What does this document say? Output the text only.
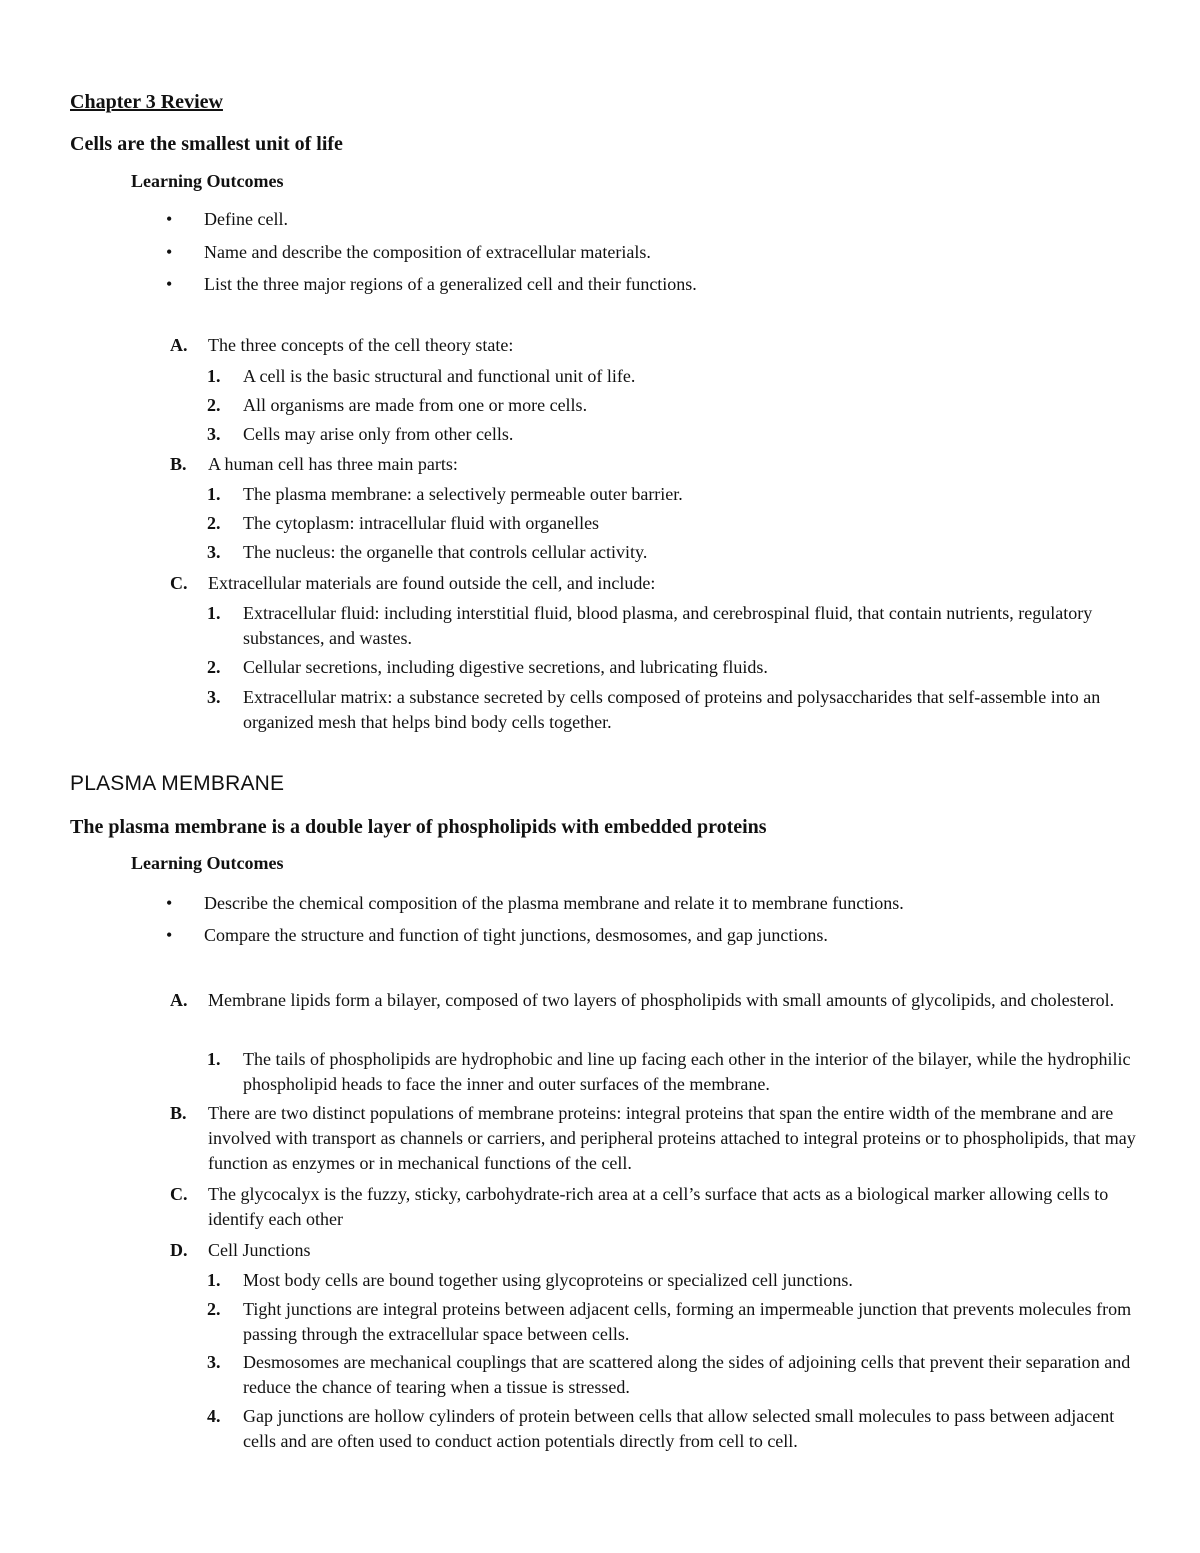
Chapter 3 Review
Cells are the smallest unit of life
Learning Outcomes
•	Define cell.
•	Name and describe the composition of extracellular materials.
•	List the three major regions of a generalized cell and their functions.
A. The three concepts of the cell theory state:
1. A cell is the basic structural and functional unit of life.
2. All organisms are made from one or more cells.
3. Cells may arise only from other cells.
B. A human cell has three main parts:
1. The plasma membrane: a selectively permeable outer barrier.
2. The cytoplasm: intracellular fluid with organelles
3. The nucleus: the organelle that controls cellular activity.
C. Extracellular materials are found outside the cell, and include:
1. Extracellular fluid: including interstitial fluid, blood plasma, and cerebrospinal fluid, that contain nutrients, regulatory substances, and wastes.
2. Cellular secretions, including digestive secretions, and lubricating fluids.
3. Extracellular matrix: a substance secreted by cells composed of proteins and polysaccharides that self-assemble into an organized mesh that helps bind body cells together.
PLASMA MEMBRANE
The plasma membrane is a double layer of phospholipids with embedded proteins
Learning Outcomes
•	Describe the chemical composition of the plasma membrane and relate it to membrane functions.
•	Compare the structure and function of tight junctions, desmosomes, and gap junctions.
A. Membrane lipids form a bilayer, composed of two layers of phospholipids with small amounts of glycolipids, and cholesterol.
1. The tails of phospholipids are hydrophobic and line up facing each other in the interior of the bilayer, while the hydrophilic phospholipid heads to face the inner and outer surfaces of the membrane.
B. There are two distinct populations of membrane proteins: integral proteins that span the entire width of the membrane and are involved with transport as channels or carriers, and peripheral proteins attached to integral proteins or to phospholipids, that may function as enzymes or in mechanical functions of the cell.
C. The glycocalyx is the fuzzy, sticky, carbohydrate-rich area at a cell’s surface that acts as a biological marker allowing cells to identify each other
D. Cell Junctions
1. Most body cells are bound together using glycoproteins or specialized cell junctions.
2. Tight junctions are integral proteins between adjacent cells, forming an impermeable junction that prevents molecules from passing through the extracellular space between cells.
3. Desmosomes are mechanical couplings that are scattered along the sides of adjoining cells that prevent their separation and reduce the chance of tearing when a tissue is stressed.
4. Gap junctions are hollow cylinders of protein between cells that allow selected small molecules to pass between adjacent cells and are often used to conduct action potentials directly from cell to cell.
